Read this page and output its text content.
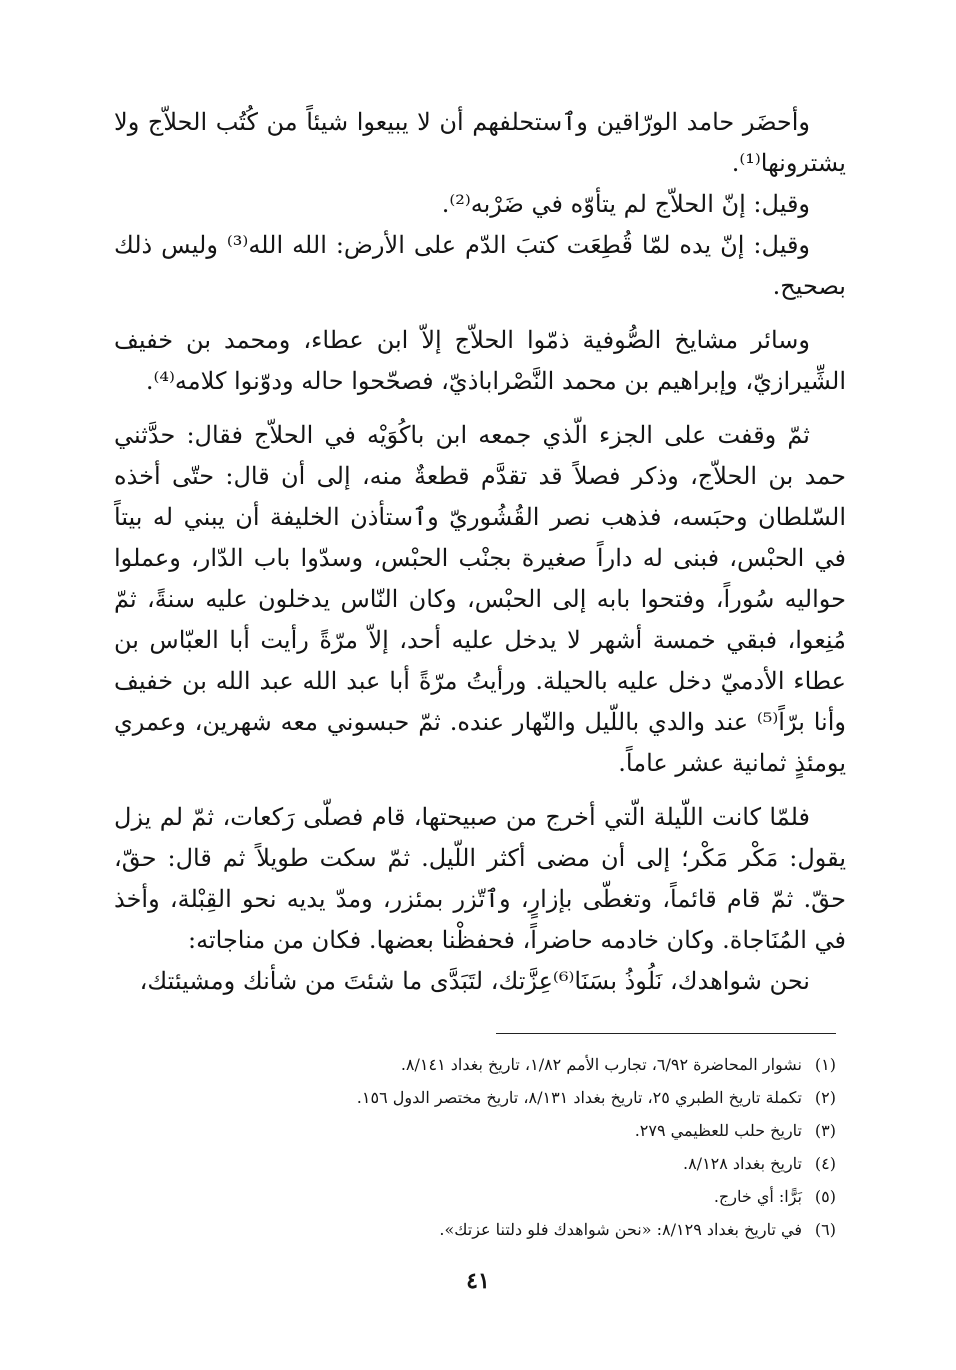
وأحضَر حامد الورّاقين وٱستحلفهم أن لا يبيعوا شيئاً من كُتُب الحلاّج ولا يشترونها⁽¹⁾.

وقيل: إنّ الحلاّج لم يتأوّه في ضَرْبه⁽²⁾.

وقيل: إنّ يده لمّا قُطِعَت كتبَ الدّم على الأرض: الله الله⁽³⁾ وليس ذلك بصحيح.

وسائر مشايخ الصُّوفية ذمّوا الحلاّج إلاّ ابن عطاء، ومحمد بن خفيف الشِّيرازيّ، وإبراهيم بن محمد النَّصْراباذيّ، فصحّحوا حاله ودوّنوا كلامه⁽⁴⁾.

ثمّ وقفت على الجزء الّذي جمعه ابن باكُوَيْه في الحلاّج فقال: حدَّثني حمد بن الحلاّج، وذكر فصلاً قد تقدَّم قطعةٌ منه، إلى أن قال: حتّى أخذه السّلطان وحبَسه، فذهب نصر القُشُوريّ وٱستأذن الخليفة أن يبني له بيتاً في الحبْس، فبنى له داراً صغيرة بجنْب الحبْس، وسدّوا باب الدّار، وعملوا حواليه سُوراً، وفتحوا بابه إلى الحبْس، وكان النّاس يدخلون عليه سنةً، ثمّ مُنِعوا، فبقي خمسة أشهر لا يدخل عليه أحد، إلاّ مرّةً رأيت أبا العبّاس بن عطاء الأدميّ دخل عليه بالحيلة. ورأيتُ مرّةً أبا عبد الله عبد الله بن خفيف وأنا برّاً⁽⁵⁾ عند والدي باللّيل والنّهار عنده. ثمّ حبسوني معه شهرين، وعمري يومئذٍ ثمانية عشر عاماً.

فلمّا كانت اللّيلة الّتي أخرج من صبيحتها، قام فصلّى رَكعات، ثمّ لم يزل يقول: مَكْر مَكْر؛ إلى أن مضى أكثر اللّيل. ثمّ سكت طويلاً ثم قال: حقّ، حقّ. ثمّ قام قائماً، وتغطّى بإزارٍ، وٱتّزر بمئزر، ومدّ يديه نحو القِبْلة، وأخذ في المُنَاجاة. وكان خادمه حاضراً، فحفظْنا بعضها. فكان من مناجاته:

نحن شواهدك، نَلُوذُ بسَنَا⁽⁶⁾عِزَّتك، لتَبَدَّى ما شئتَ من شأنك ومشيئتك،

(١)نشوار المحاضرة ٦/٩٢، تجارب الأمم ١/٨٢، تاريخ بغداد ٨/١٤١.
(٢)تكملة تاريخ الطبري ٢٥، تاريخ بغداد ٨/١٣١، تاريخ مختصر الدول ١٥٦.
(٣)تاريخ حلب للعظيمي ٢٧٩.
(٤)تاريخ بغداد ٨/١٢٨.
(٥)بَرًّا: أي خارج.
(٦)في تاريخ بغداد ٨/١٢٩: «نحن شواهدك فلو دلتنا عزتك».
٤١
